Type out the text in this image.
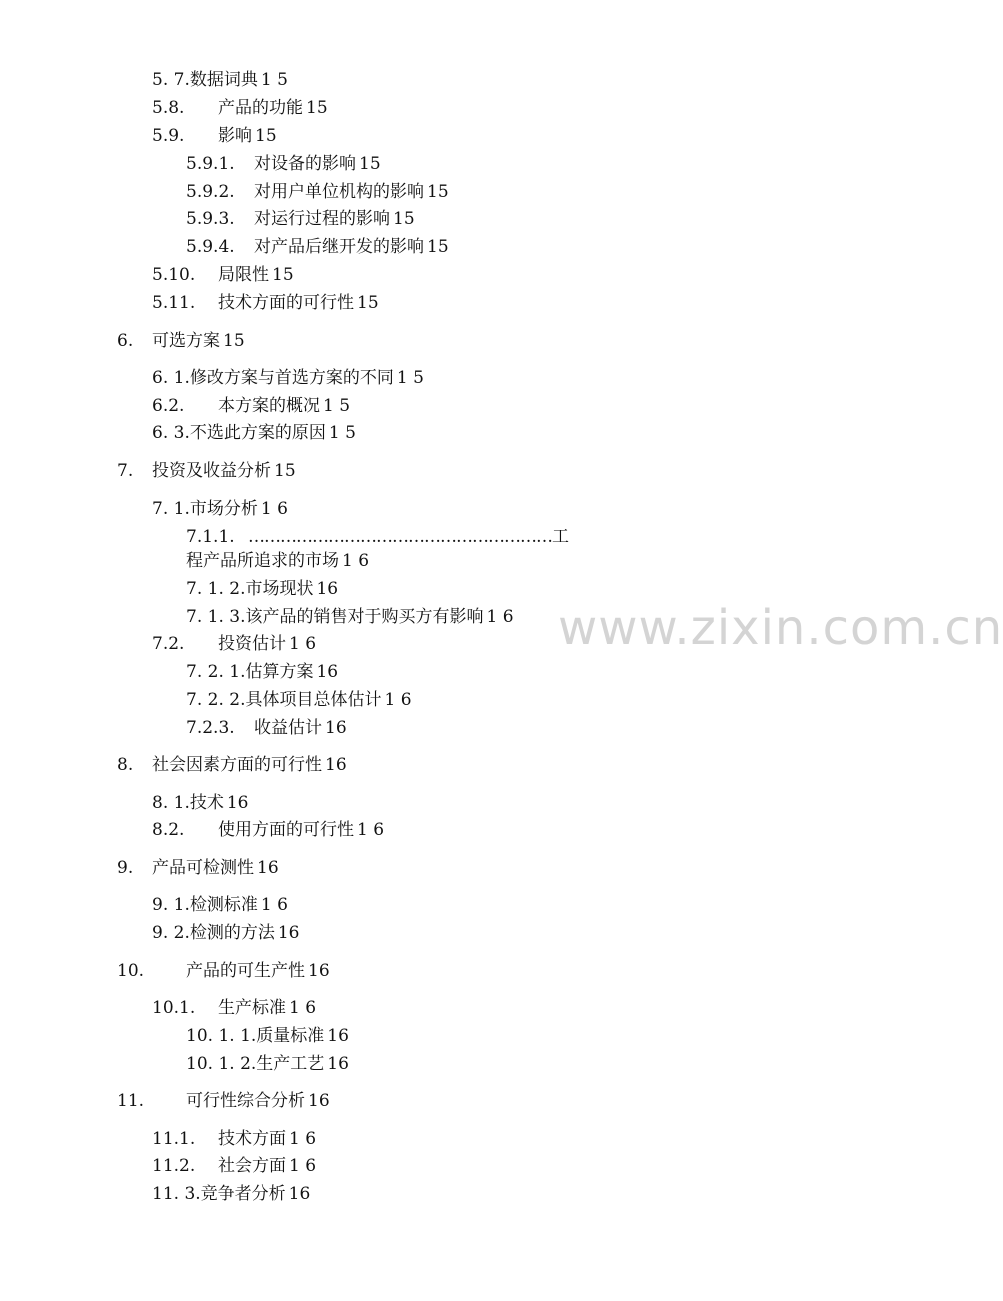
www.zixin.com.cn
5. 7.数据词典 1 5
5.8. 产品的功能 15
5.9. 影响 15
5.9.1. 对设备的影响 15
5.9.2. 对用户单位机构的影响 15
5.9.3. 对运行过程的影响 15
5.9.4. 对产品后继开发的影响 15
5.10. 局限性 15
5.11. 技术方面的可行性 15
6. 可选方案 15
6. 1.修改方案与首选方案的不同 1 5
6.2. 本方案的概况 1 5
6. 3.不选此方案的原因 1 5
7. 投资及收益分析 15
7. 1.市场分析 1 6
7.1.1. …………………………………………………工
程产品所追求的市场 1 6
7. 1. 2.市场现状 16
7. 1. 3.该产品的销售对于购买方有影响 1 6
7.2. 投资估计 1 6
7. 2. 1.估算方案 16
7. 2. 2.具体项目总体估计 1 6
7.2.3. 收益估计 16
8. 社会因素方面的可行性 16
8. 1.技术 16
8.2. 使用方面的可行性 1 6
9. 产品可检测性 16
9. 1.检测标准 1 6
9. 2.检测的方法 16
10. 产品的可生产性 16
10.1. 生产标准 1 6
10. 1. 1.质量标准 16
10. 1. 2.生产工艺 16
11. 可行性综合分析 16
11.1. 技术方面 1 6
11.2. 社会方面 1 6
11. 3.竞争者分析 16
